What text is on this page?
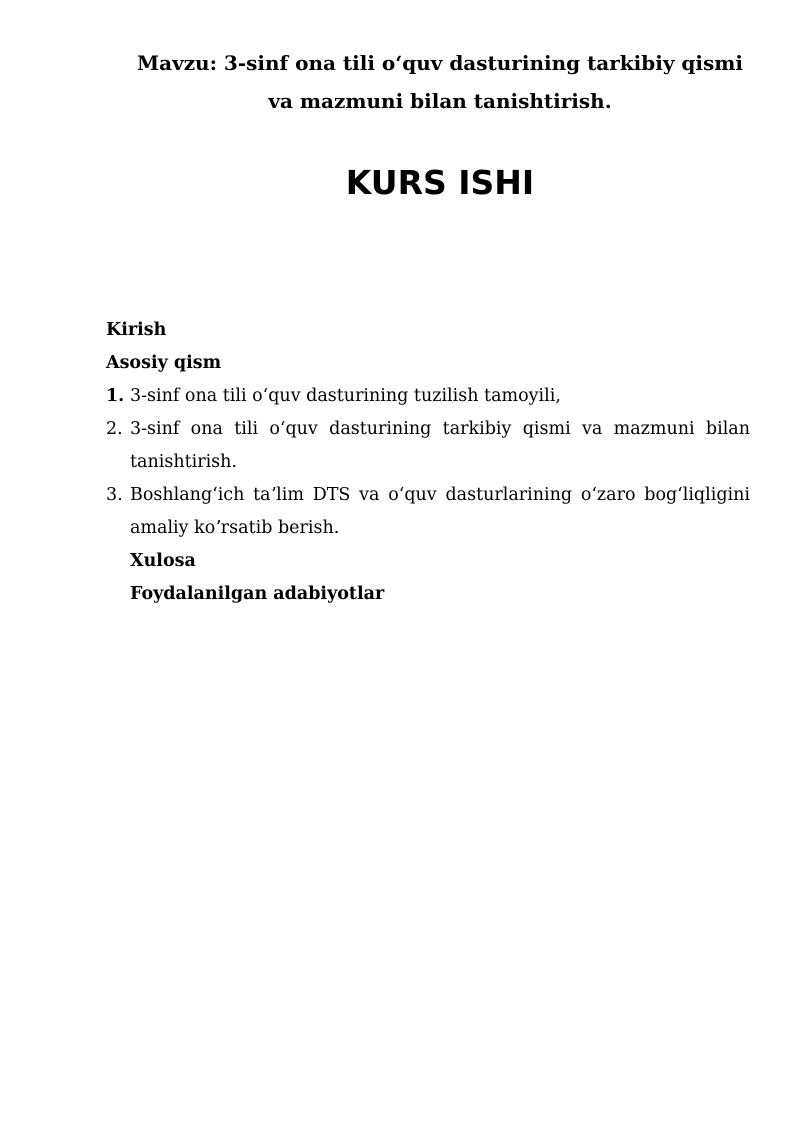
Mavzu: 3-sinf ona tili oʻquv dasturining tarkibiy qismi va mazmuni bilan tanishtirish.
KURS ISHI
Kirish
Asosiy qism
1. 3-sinf ona tili oʻquv dasturining tuzilish tamoyili,
2. 3-sinf ona tili oʻquv dasturining tarkibiy qismi va mazmuni bilan tanishtirish.
3. Boshlangʻich taʼlim DTS va oʻquv dasturlarining oʻzaro bogʻliqligini amaliy koʼrsatib berish.
Xulosa
Foydalanilgan adabiyotlar
